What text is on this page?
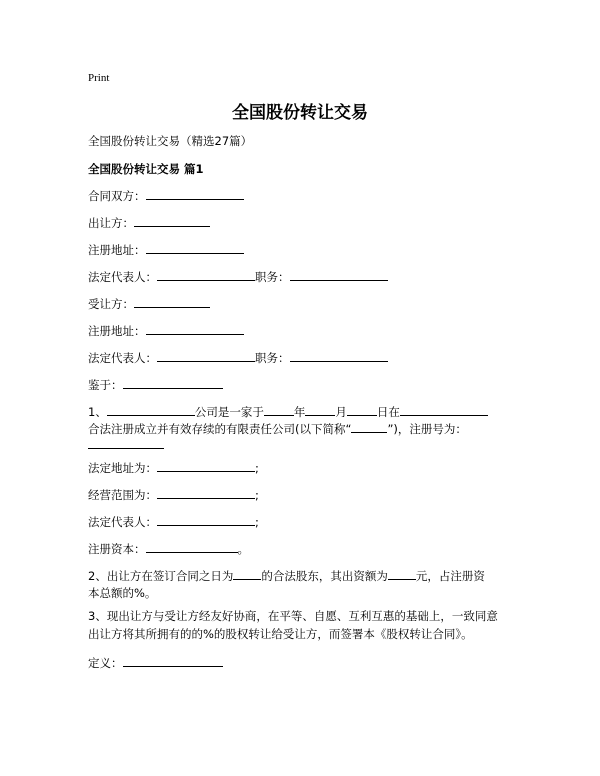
Print
全国股份转让交易
全国股份转让交易（精选27篇）
全国股份转让交易 篇1
合同双方：
出让方：
注册地址：
法定代表人：	职务：
受让方：
注册地址：
法定代表人：	职务：
鉴于：
1、	公司是一家于	年	月	日在
合法注册成立并有效存续的有限责任公司(以下简称“	”)，注册号为：
法定地址为：	;
经营范围为：	;
法定代表人：	;
注册资本：	。
2、出让方在签订合同之日为 的合法股东，其出资额为 元，占注册资
本总额的%。
3、现出让方与受让方经友好协商，在平等、自愿、互利互惠的基础上，一致同意出让方将其所拥有的的%的股权转让给受让方，而签署本《股权转让合同》。
定义：
